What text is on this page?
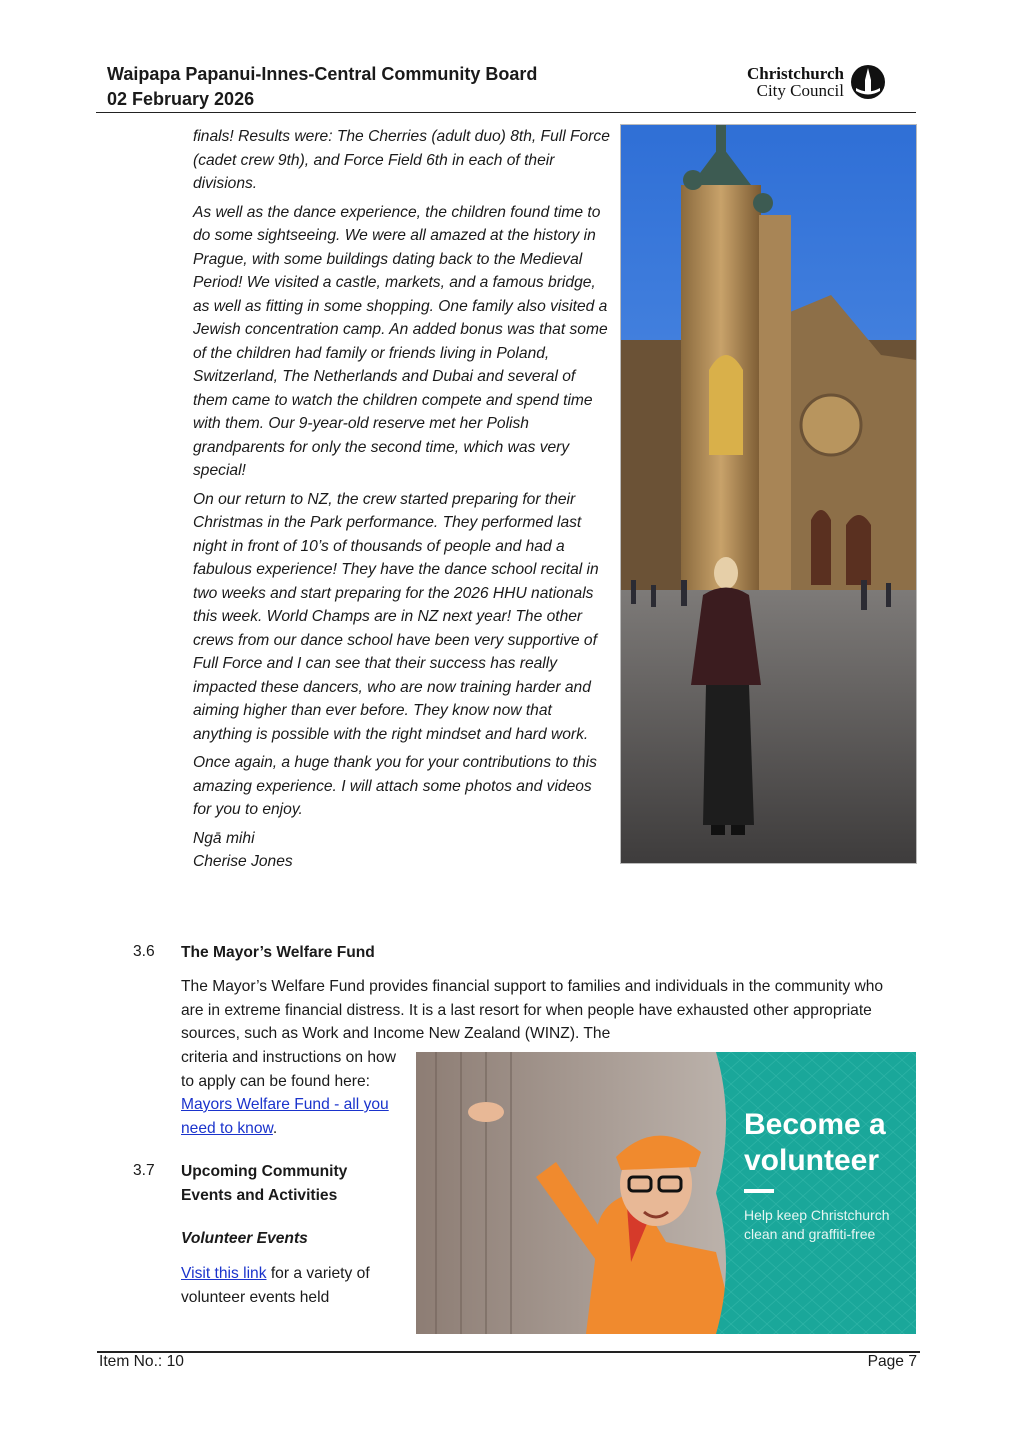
Waipapa Papanui-Innes-Central Community Board
02 February 2026
Christchurch
City Council

finals! Results were: The Cherries (adult duo) 8th, Full Force (cadet crew 9th), and Force Field 6th in each of their divisions.

As well as the dance experience, the children found time to do some sightseeing. We were all amazed at the history in Prague, with some buildings dating back to the Medieval Period! We visited a castle, markets, and a famous bridge, as well as fitting in some shopping. One family also visited a Jewish concentration camp. An added bonus was that some of the children had family or friends living in Poland, Switzerland, The Netherlands and Dubai and several of them came to watch the children compete and spend time with them. Our 9-year-old reserve met her Polish grandparents for only the second time, which was very special!

On our return to NZ, the crew started preparing for their Christmas in the Park performance. They performed last night in front of 10’s of thousands of people and had a fabulous experience! They have the dance school recital in two weeks and start preparing for the 2026 HHU nationals this week. World Champs are in NZ next year! The other crews from our dance school have been very supportive of Full Force and I can see that their success has really impacted these dancers, who are now training harder and aiming higher than ever before. They know now that anything is possible with the right mindset and hard work.

Once again, a huge thank you for your contributions to this amazing experience. I will attach some photos and videos for you to enjoy.

Ngā mihi
Cherise Jones

3.6 The Mayor’s Welfare Fund
The Mayor’s Welfare Fund provides financial support to families and individuals in the community who are in extreme financial distress. It is a last resort for when people have exhausted other appropriate sources, such as Work and Income New Zealand (WINZ). The
criteria and instructions on how to apply can be found here: Mayors Welfare Fund - all you need to know.
3.7 Upcoming Community Events and Activities
Volunteer Events
Visit this link for a variety of volunteer events held
Become a
volunteer
Help keep Christchurch
clean and graffiti-free
Item No.: 10	Page 7
